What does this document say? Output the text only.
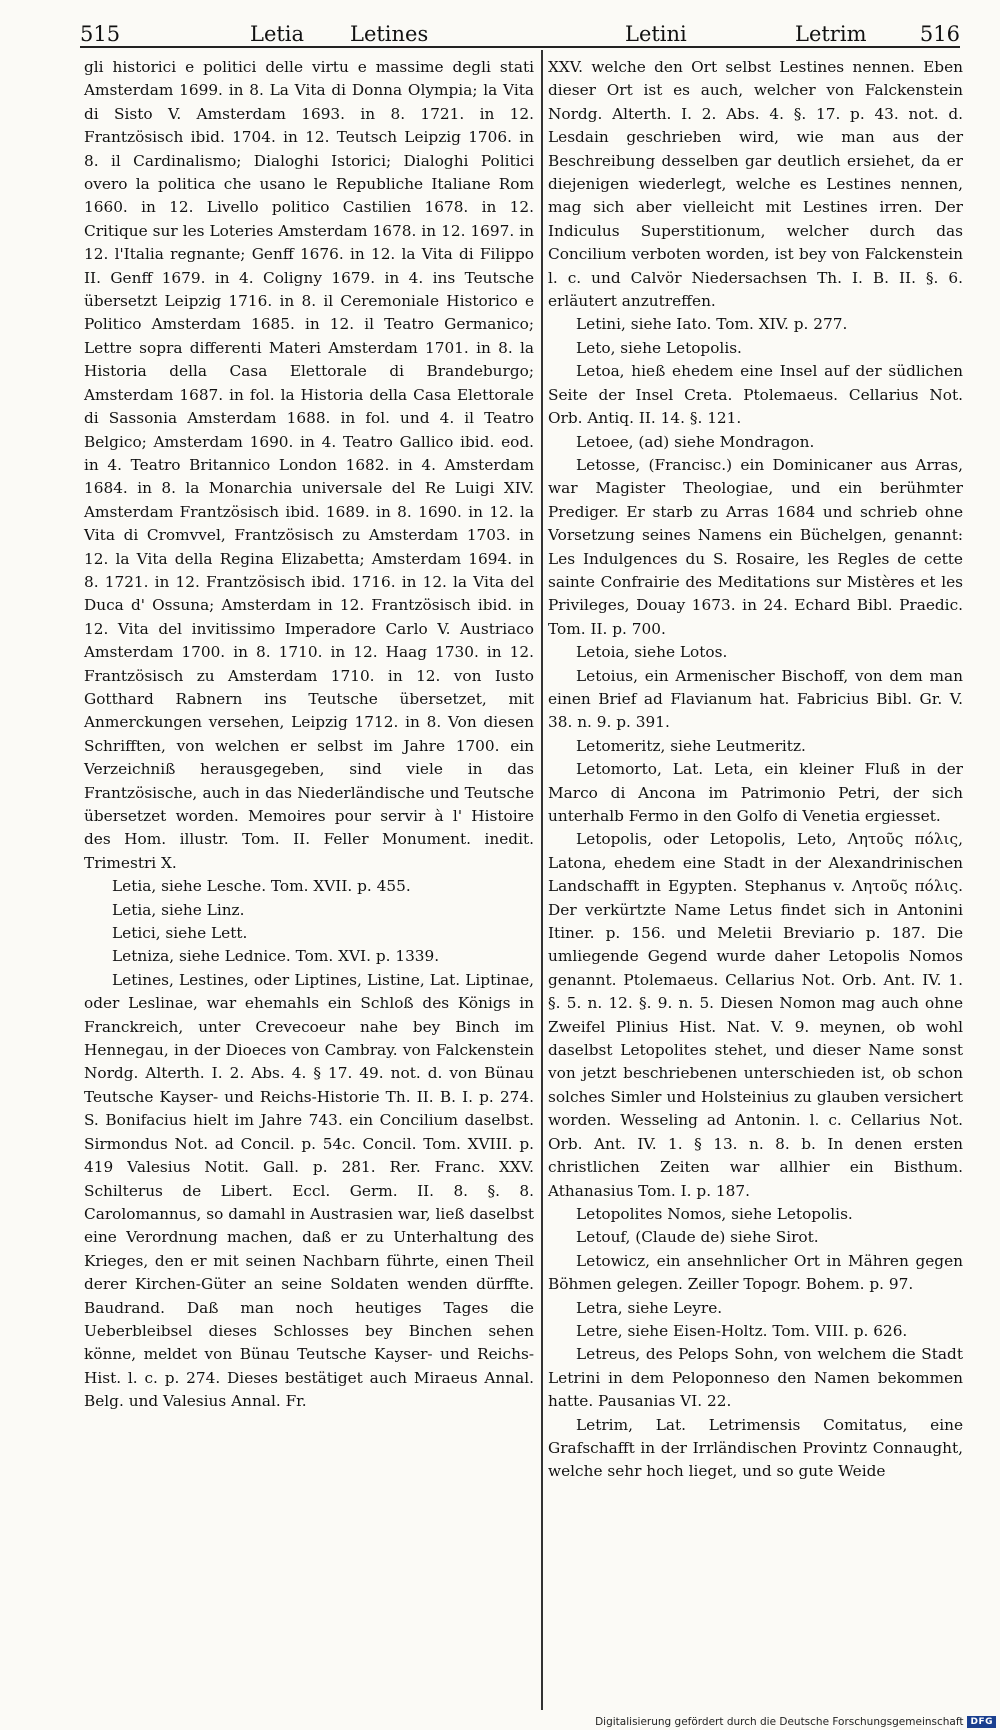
515	Letia Letines	Letini	Letrim	516

gli historici e politici delle virtu e massime degli stati Amsterdam 1699. in 8. La Vita di Donna Olympia; la Vita di Sisto V. Amsterdam 1693. in 8. 1721. in 12. Frantzösisch ibid. 1704. in 12. Teutsch Leipzig 1706. in 8. il Cardinalismo; Dialoghi Istorici; Dialoghi Politici overo la politica che usano le Republiche Italiane Rom 1660. in 12. Livello politico Castilien 1678. in 12. Critique sur les Loteries Amsterdam 1678. in 12. 1697. in 12. l'Italia regnante; Genff 1676. in 12. la Vita di Filippo II. Genff 1679. in 4. Coligny 1679. in 4. ins Teutsche übersetzt Leipzig 1716. in 8. il Ceremoniale Historico e Politico Amsterdam 1685. in 12. il Teatro Germanico; Lettre sopra differenti Materi Amsterdam 1701. in 8. la Historia della Casa Elettorale di Brandeburgo; Amsterdam 1687. in fol. la Historia della Casa Elettorale di Sassonia Amsterdam 1688. in fol. und 4. il Teatro Belgico; Amsterdam 1690. in 4. Teatro Gallico ibid. eod. in 4. Teatro Britannico London 1682. in 4. Amsterdam 1684. in 8. la Monarchia universale del Re Luigi XIV. Amsterdam Frantzösisch ibid. 1689. in 8. 1690. in 12. la Vita di Cromvvel, Frantzösisch zu Amsterdam 1703. in 12. la Vita della Regina Elizabetta; Amsterdam 1694. in 8. 1721. in 12. Frantzösisch ibid. 1716. in 12. la Vita del Duca d' Ossuna; Amsterdam in 12. Frantzösisch ibid. in 12. Vita del invitissimo Imperadore Carlo V. Austriaco Amsterdam 1700. in 8. 1710. in 12. Haag 1730. in 12. Frantzösisch zu Amsterdam 1710. in 12. von Iusto Gotthard Rabnern ins Teutsche übersetzet, mit Anmerckungen versehen, Leipzig 1712. in 8. Von diesen Schrifften, von welchen er selbst im Jahre 1700. ein Verzeichniß herausgegeben, sind viele in das Frantzösische, auch in das Niederländische und Teutsche übersetzet worden. Memoires pour servir à l' Histoire des Hom. illustr. Tom. II. Feller Monument. inedit. Trimestri X.

Letia, siehe Lesche. Tom. XVII. p. 455.

Letia, siehe Linz.

Letici, siehe Lett.

Letniza, siehe Lednice. Tom. XVI. p. 1339.

Letines, Lestines, oder Liptines, Listine, Lat. Liptinae, oder Leslinae, war ehemahls ein Schloß des Königs in Franckreich, unter Crevecoeur nahe bey Binch im Hennegau, in der Dioeces von Cambray. von Falckenstein Nordg. Alterth. I. 2. Abs. 4. § 17. 49. not. d. von Bünau Teutsche Kayser- und Reichs-Historie Th. II. B. I. p. 274. S. Bonifacius hielt im Jahre 743. ein Concilium daselbst. Sirmondus Not. ad Concil. p. 54c. Concil. Tom. XVIII. p. 419 Valesius Notit. Gall. p. 281. Rer. Franc. XXV. Schilterus de Libert. Eccl. Germ. II. 8. §. 8. Carolomannus, so damahl in Austrasien war, ließ daselbst eine Verordnung machen, daß er zu Unterhaltung des Krieges, den er mit seinen Nachbarn führte, einen Theil derer Kirchen-Güter an seine Soldaten wenden dürffte. Baudrand. Daß man noch heutiges Tages die Ueberbleibsel dieses Schlosses bey Binchen sehen könne, meldet von Bünau Teutsche Kayser- und Reichs-Hist. l. c. p. 274. Dieses bestätiget auch Miraeus Annal. Belg. und Valesius Annal. Fr.

XXV. welche den Ort selbst Lestines nennen. Eben dieser Ort ist es auch, welcher von Falckenstein Nordg. Alterth. I. 2. Abs. 4. §. 17. p. 43. not. d. Lesdain geschrieben wird, wie man aus der Beschreibung desselben gar deutlich ersiehet, da er diejenigen wiederlegt, welche es Lestines nennen, mag sich aber vielleicht mit Lestines irren. Der Indiculus Superstitionum, welcher durch das Concilium verboten worden, ist bey von Falckenstein l. c. und Calvör Niedersachsen Th. I. B. II. §. 6. erläutert anzutreffen.

Letini, siehe Iato. Tom. XIV. p. 277.

Leto, siehe Letopolis.

Letoa, hieß ehedem eine Insel auf der südlichen Seite der Insel Creta. Ptolemaeus. Cellarius Not. Orb. Antiq. II. 14. §. 121.

Letoee, (ad) siehe Mondragon.

Letosse, (Francisc.) ein Dominicaner aus Arras, war Magister Theologiae, und ein berühmter Prediger. Er starb zu Arras 1684 und schrieb ohne Vorsetzung seines Namens ein Büchelgen, genannt: Les Indulgences du S. Rosaire, les Regles de cette sainte Confrairie des Meditations sur Mistères et les Privileges, Douay 1673. in 24. Echard Bibl. Praedic. Tom. II. p. 700.

Letoia, siehe Lotos.

Letoius, ein Armenischer Bischoff, von dem man einen Brief ad Flavianum hat. Fabricius Bibl. Gr. V. 38. n. 9. p. 391.

Letomeritz, siehe Leutmeritz.

Letomorto, Lat. Leta, ein kleiner Fluß in der Marco di Ancona im Patrimonio Petri, der sich unterhalb Fermo in den Golfo di Venetia ergiesset.

Letopolis, oder Letopolis, Leto, Λητοῦς πόλις, Latona, ehedem eine Stadt in der Alexandrinischen Landschafft in Egypten. Stephanus v. Λητοῦς πόλις. Der verkürtzte Name Letus findet sich in Antonini Itiner. p. 156. und Meletii Breviario p. 187. Die umliegende Gegend wurde daher Letopolis Nomos genannt. Ptolemaeus. Cellarius Not. Orb. Ant. IV. 1. §. 5. n. 12. §. 9. n. 5. Diesen Nomon mag auch ohne Zweifel Plinius Hist. Nat. V. 9. meynen, ob wohl daselbst Letopolites stehet, und dieser Name sonst von jetzt beschriebenen unterschieden ist, ob schon solches Simler und Holsteinius zu glauben versichert worden. Wesseling ad Antonin. l. c. Cellarius Not. Orb. Ant. IV. 1. § 13. n. 8. b. In denen ersten christlichen Zeiten war allhier ein Bisthum. Athanasius Tom. I. p. 187.

Letopolites Nomos, siehe Letopolis.

Letouf, (Claude de) siehe Sirot.

Letowicz, ein ansehnlicher Ort in Mähren gegen Böhmen gelegen. Zeiller Topogr. Bohem. p. 97.

Letra, siehe Leyre.

Letre, siehe Eisen-Holtz. Tom. VIII. p. 626.

Letreus, des Pelops Sohn, von welchem die Stadt Letrini in dem Peloponneso den Namen bekommen hatte. Pausanias VI. 22.

Letrim, Lat. Letrimensis Comitatus, eine Grafschafft in der Irrländischen Provintz Connaught, welche sehr hoch lieget, und so gute Weide

Digitalisierung gefördert durch die Deutsche Forschungsgemeinschaft DFG
